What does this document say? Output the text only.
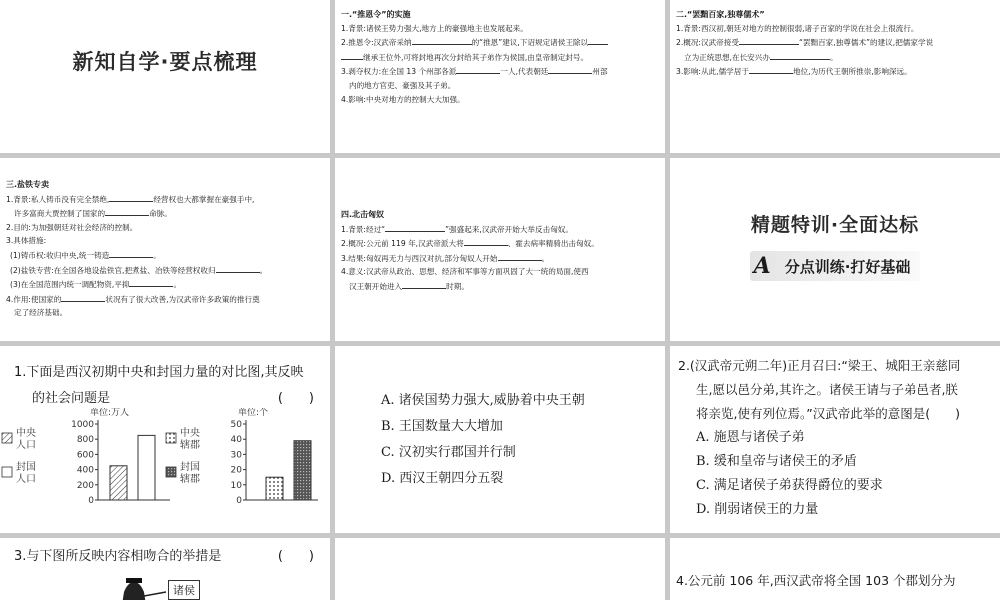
新知自学·要点梳理
一.“推恩令”的实施
1.背景:诸侯王势力强大,地方上的豪强地主也发展起来。
2.推恩令:汉武帝采纳	的“推恩”建议,下诏规定诸侯王除以
继承王位外,可将封地再次分封给其子弟作为侯国,由皇帝制定封号。
3.剥夺权力:在全国 13 个州部各派	一人,代表朝廷	州部
内的地方官吏、豪强及其子弟。
4.影响:中央对地方的控制大大加强。
二.“罢黜百家,独尊儒术”
1.背景:西汉初,朝廷对地方的控制很弱,诸子百家的学说在社会上很流行。
2.概况:汉武帝接受	“罢黜百家,独尊儒术”的建议,把儒家学说
立为正统思想,在长安兴办	。
3.影响:从此,儒学居于	地位,为历代王朝所推崇,影响深远。
三.盐铁专卖
1.背景:私人铸币没有完全禁绝,	经营权也大都掌握在豪强手中,
许多富商大贾控制了国家的	命脉。
2.目的:为加强朝廷对社会经济的控制。
3.具体措施:
(1)铸币权:收归中央,统一铸造	。
(2)盐铁专营:在全国各地设盐铁官,把煮盐、冶铁等经营权收归	。
(3)在全国范围内统一调配物资,平抑	。
4.作用:使国家的	状况有了很大改善,为汉武帝许多政策的推行奠
定了经济基础。
四.北击匈奴
1.背景:经过“	”强盛起来,汉武帝开始大举反击匈奴。
2.概况:公元前 119 年,汉武帝派大将	、霍去病率精骑出击匈奴。
3.结果:匈奴再无力与西汉对抗,部分匈奴人开始	。
4.意义:汉武帝从政治、思想、经济和军事等方面巩固了大一统的局面,使西
汉王朝开始进入	时期。
精题特训·全面达标
A 分点训练·打好基础
1.下面是西汉初期中央和封国力量的对比图,其反映
的社会问题是	(　　)
单位:万人
1000
800
600
400
200
0
中央
人口
封国
人口
单位:个
50
40
30
20
10
0
中央
辖郡
封国
辖郡
A. 诸侯国势力强大,威胁着中央王朝
B. 王国数量大大增加
C. 汉初实行郡国并行制
D. 西汉王朝四分五裂
2.(汉武帝元朔二年)正月召曰:“梁王、城阳王亲慈同
生,愿以邑分弟,其许之。诸侯王请与子弟邑者,朕
将亲览,使有列位焉。”汉武帝此举的意图是(　　)
A. 施恩与诸侯子弟
B. 缓和皇帝与诸侯王的矛盾
C. 满足诸侯子弟获得爵位的要求
D. 削弱诸侯王的力量
3.与下图所反映内容相吻合的举措是	(　　)
诸侯
4.公元前 106 年,西汉武帝将全国 103 个郡划分为
